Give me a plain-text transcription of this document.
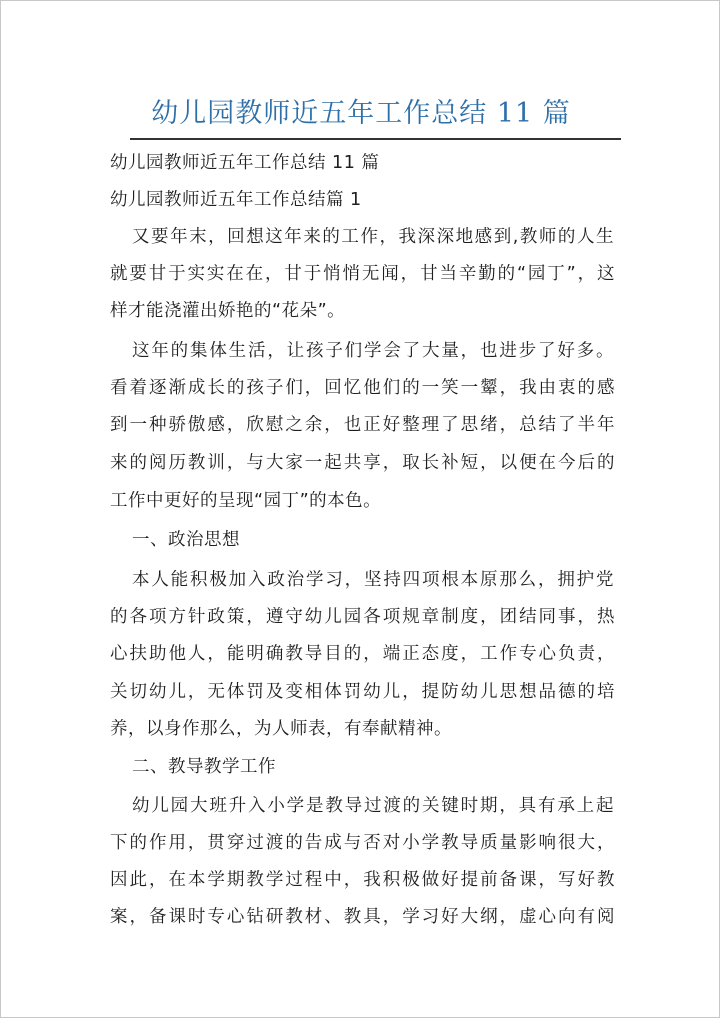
幼儿园教师近五年工作总结 11 篇
幼儿园教师近五年工作总结 11 篇
幼儿园教师近五年工作总结篇 1
又要年末，回想这年来的工作，我深深地感到,教师的人生
就要甘于实实在在，甘于悄悄无闻，甘当辛勤的“园丁”，这
样才能浇灌出娇艳的“花朵”。
这年的集体生活，让孩子们学会了大量，也进步了好多。
看着逐渐成长的孩子们，回忆他们的一笑一颦，我由衷的感
到一种骄傲感，欣慰之余，也正好整理了思绪，总结了半年
来的阅历教训，与大家一起共享，取长补短，以便在今后的
工作中更好的呈现“园丁”的本色。
一、政治思想
本人能积极加入政治学习，坚持四项根本原那么，拥护党
的各项方针政策，遵守幼儿园各项规章制度，团结同事，热
心扶助他人，能明确教导目的，端正态度，工作专心负责，
关切幼儿，无体罚及变相体罚幼儿，提防幼儿思想品德的培
养，以身作那么，为人师表，有奉献精神。
二、教导教学工作
幼儿园大班升入小学是教导过渡的关键时期，具有承上起
下的作用，贯穿过渡的告成与否对小学教导质量影响很大，
因此，在本学期教学过程中，我积极做好提前备课，写好教
案，备课时专心钻研教材、教具，学习好大纲，虚心向有阅
